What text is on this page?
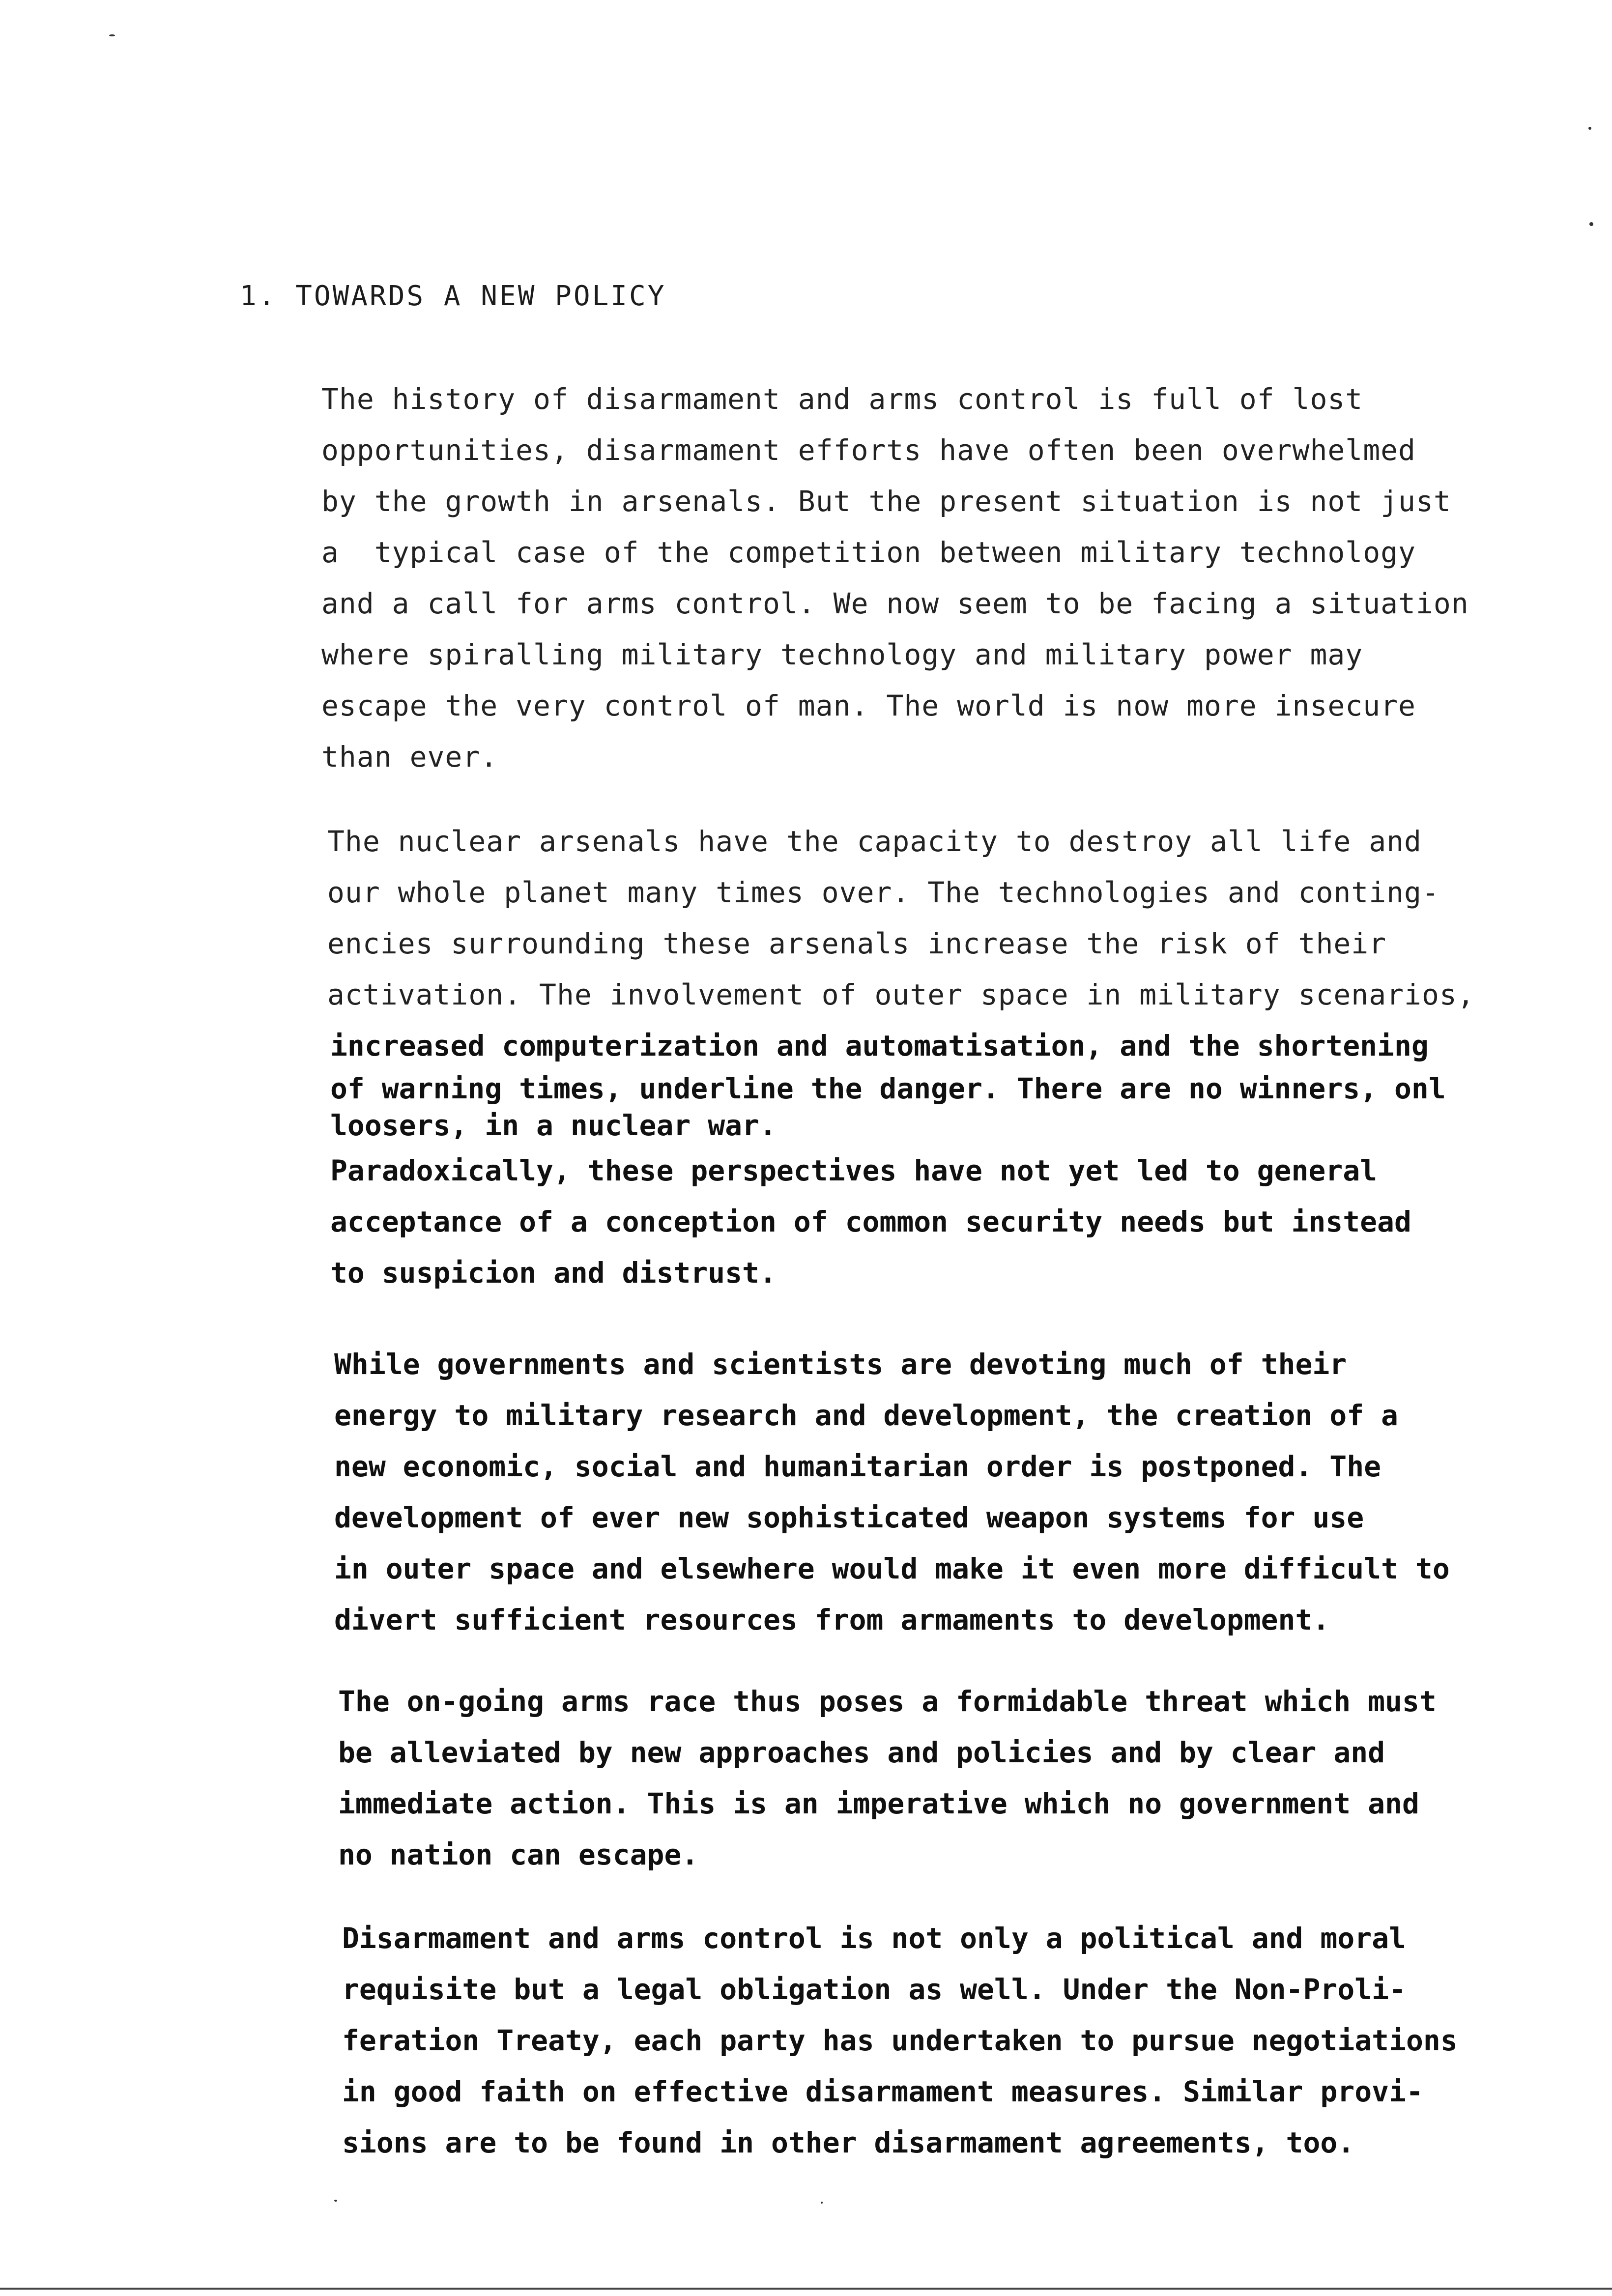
1. TOWARDS A NEW POLICY
The history of disarmament and arms control is full of lost
opportunities, disarmament efforts have often been overwhelmed
by the growth in arsenals. But the present situation is not just
a  typical case of the competition between military technology
and a call for arms control. We now seem to be facing a situation
where spiralling military technology and military power may
escape the very control of man. The world is now more insecure
than ever.
The nuclear arsenals have the capacity to destroy all life and
our whole planet many times over. The technologies and conting-
encies surrounding these arsenals increase the risk of their
activation. The involvement of outer space in military scenarios,
increased computerization and automatisation, and the shortening
of warning times, underline the danger. There are no winners, onl
loosers, in a nuclear war.
Paradoxically, these perspectives have not yet led to general
acceptance of a conception of common security needs but instead
to suspicion and distrust.
While governments and scientists are devoting much of their
energy to military research and development, the creation of a
new economic, social and humanitarian order is postponed. The
development of ever new sophisticated weapon systems for use
in outer space and elsewhere would make it even more difficult to
divert sufficient resources from armaments to development.
The on-going arms race thus poses a formidable threat which must
be alleviated by new approaches and policies and by clear and
immediate action. This is an imperative which no government and
no nation can escape.
Disarmament and arms control is not only a political and moral
requisite but a legal obligation as well. Under the Non-Proli-
feration Treaty, each party has undertaken to pursue negotiations
in good faith on effective disarmament measures. Similar provi-
sions are to be found in other disarmament agreements, too.
